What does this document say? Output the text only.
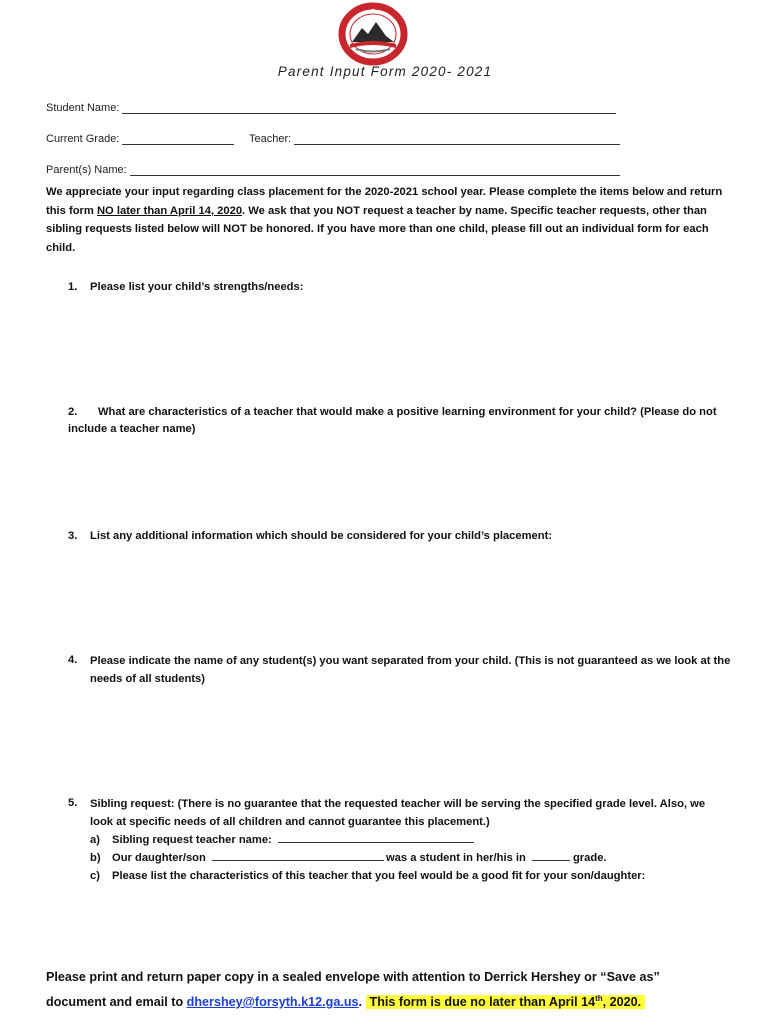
Parent Input Form 2020- 2021
Student Name:
Current Grade:	Teacher:
Parent(s) Name:
We appreciate your input regarding class placement for the 2020-2021 school year. Please complete the items below and return this form NO later than April 14, 2020. We ask that you NOT request a teacher by name. Specific teacher requests, other than sibling requests listed below will NOT be honored. If you have more than one child, please fill out an individual form for each child.
1. Please list your child’s strengths/needs:
2. What are characteristics of a teacher that would make a positive learning environment for your child? (Please do not include a teacher name)
3. List any additional information which should be considered for your child’s placement:
4.	Please indicate the name of any student(s) you want separated from your child. (This is not guaranteed as we look at the needs of all students)
5.	Sibling request: (There is no guarantee that the requested teacher will be serving the specified grade level. Also, we look at specific needs of all children and cannot guarantee this placement.)
a) Sibling request teacher name:
b) Our daughter/son	was a student in her/his in	grade.
c) Please list the characteristics of this teacher that you feel would be a good fit for your son/daughter:
Please print and return paper copy in a sealed envelope with attention to Derrick Hershey or “Save as”
document and email to dhershey@forsyth.k12.ga.us. This form is due no later than April 14th, 2020.
